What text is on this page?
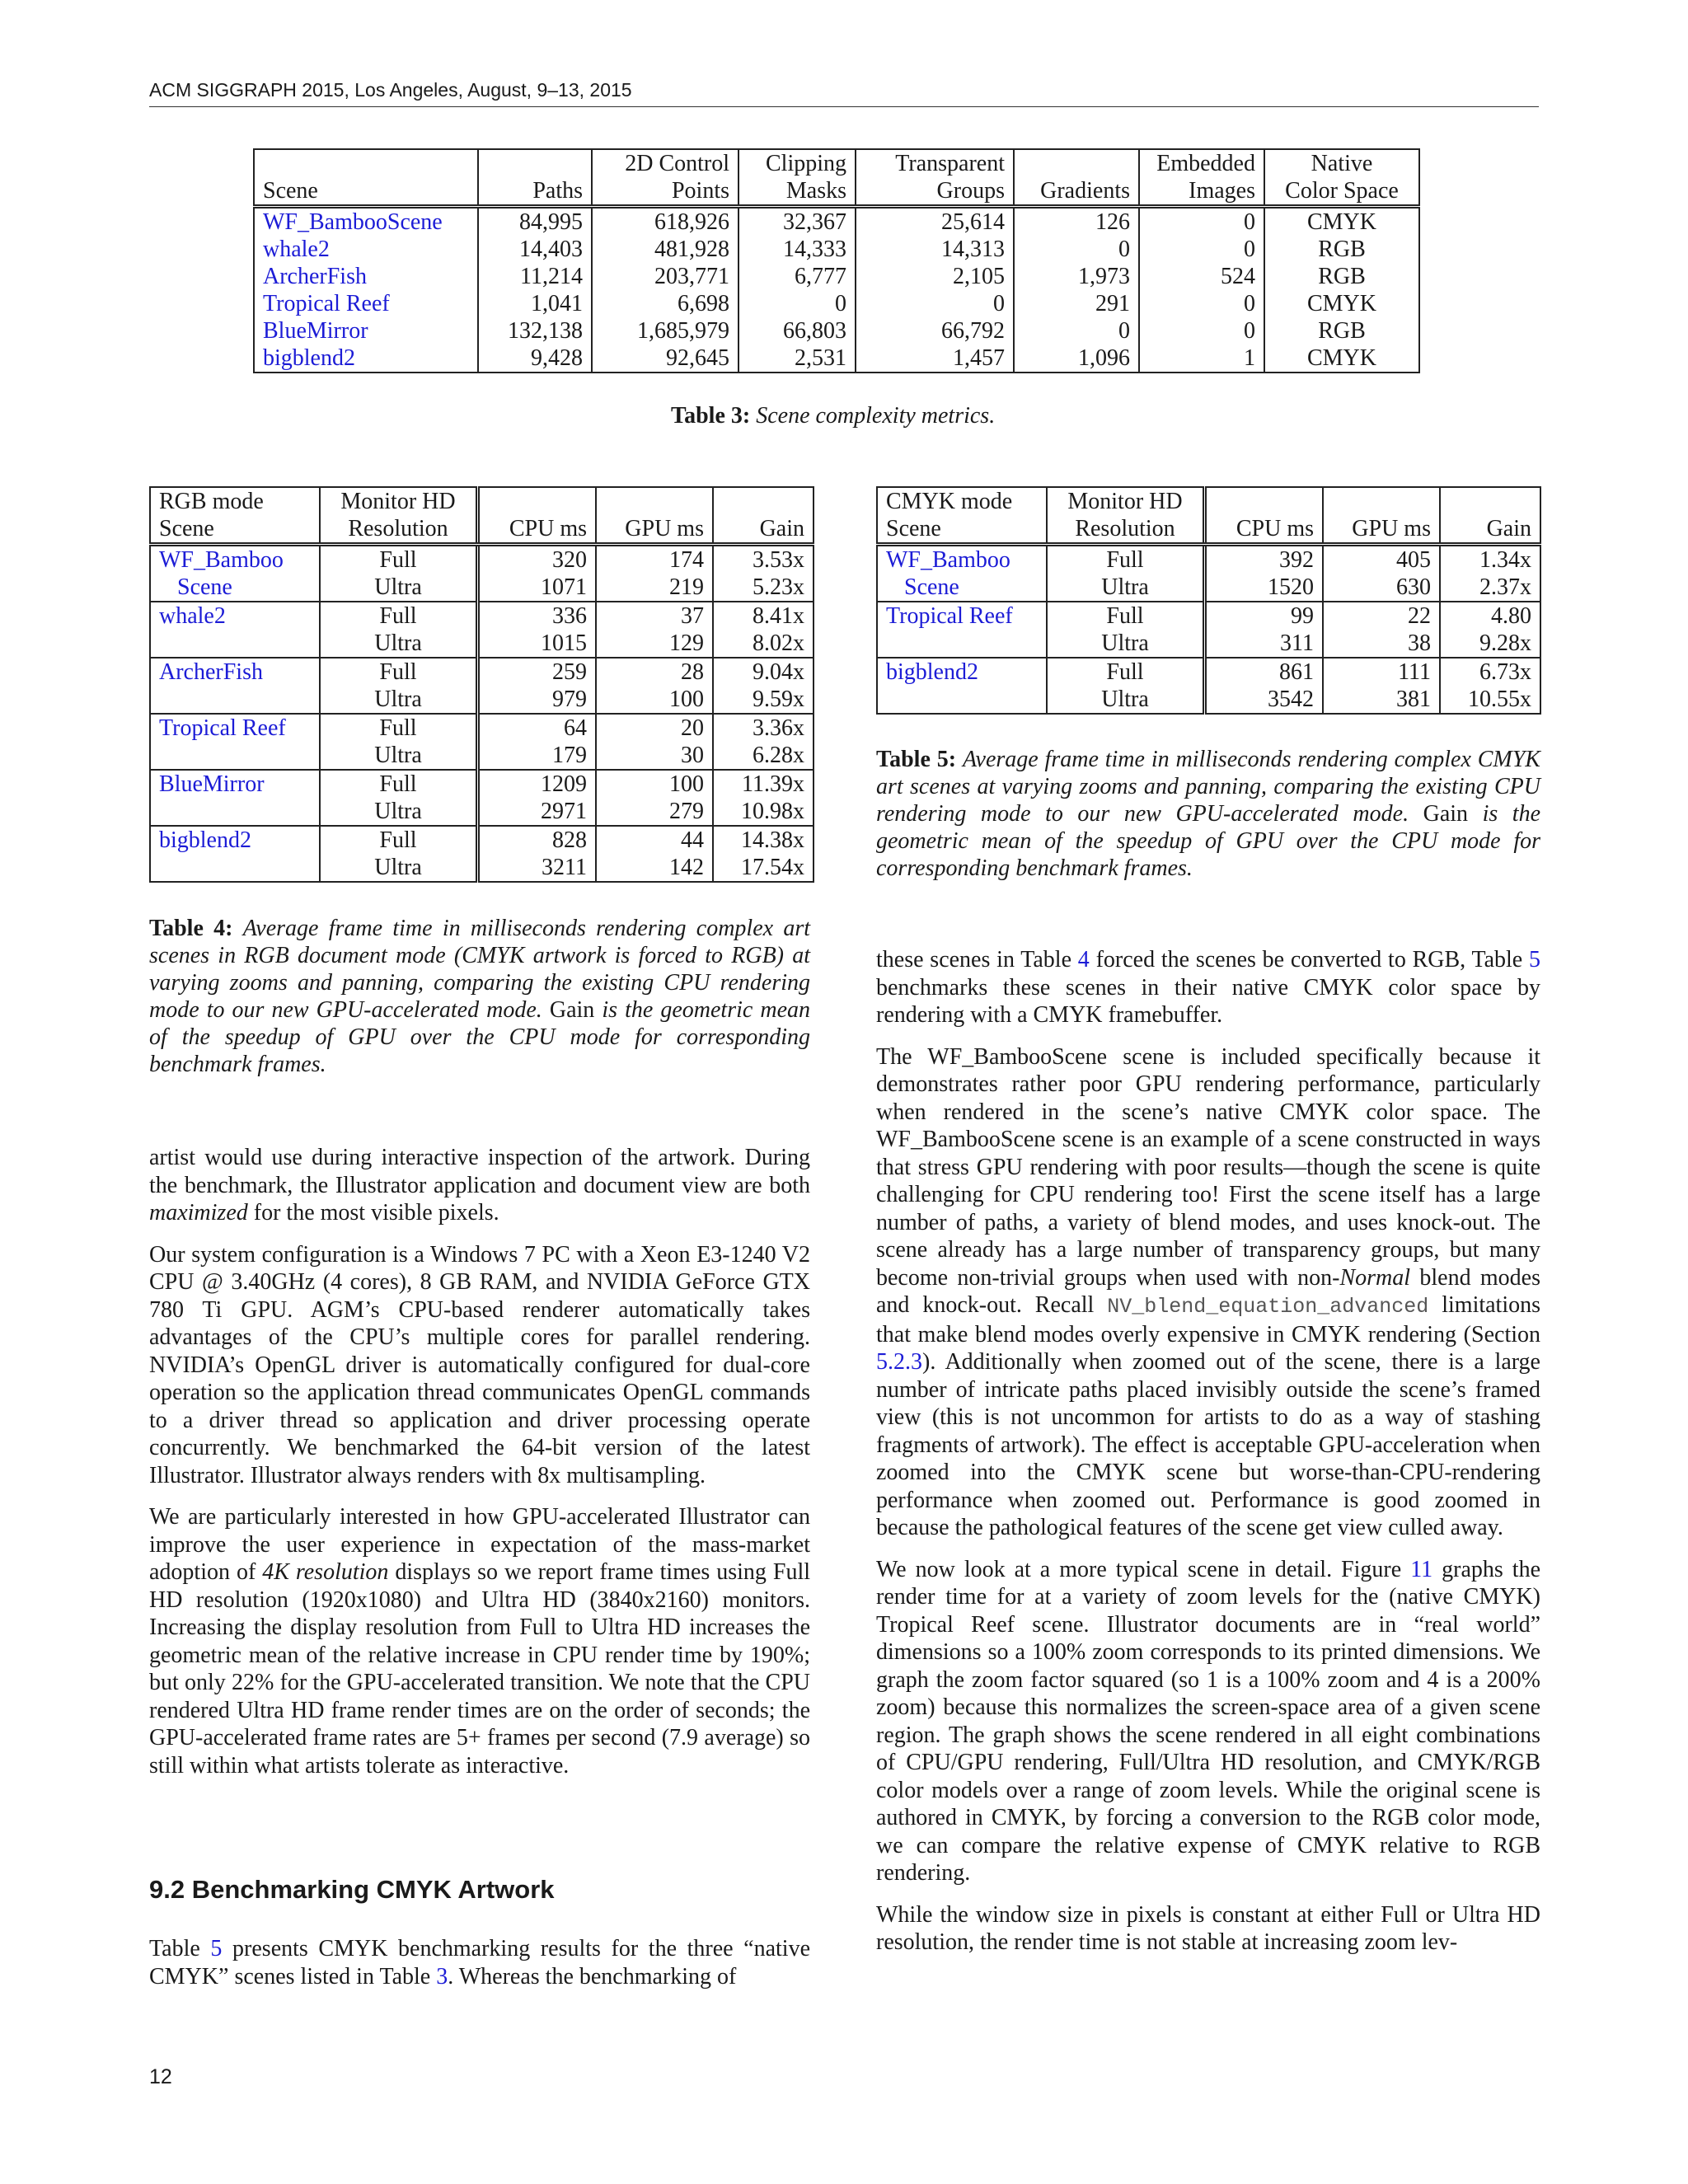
ACM SIGGRAPH 2015, Los Angeles, August, 9–13, 2015
		2D Control	Clipping	Transparent		Embedded	Native
Scene	Paths	Points	Masks	Groups	Gradients	Images	Color Space
WF_BambooScene	84,995	618,926	32,367	25,614	126	0	CMYK
whale2	14,403	481,928	14,333	14,313	0	0	RGB
ArcherFish	11,214	203,771	6,777	2,105	1,973	524	RGB
Tropical Reef	1,041	6,698	0	0	291	0	CMYK
BlueMirror	132,138	1,685,979	66,803	66,792	0	0	RGB
bigblend2	9,428	92,645	2,531	1,457	1,096	1	CMYK
Table 3: Scene complexity metrics.
RGB mode	Monitor HD			
Scene	Resolution	CPU ms	GPU ms	Gain
WF_Bamboo	Full	320	174	3.53x
Scene	Ultra	1071	219	5.23x
whale2	Full	336	37	8.41x
	Ultra	1015	129	8.02x
ArcherFish	Full	259	28	9.04x
	Ultra	979	100	9.59x
Tropical Reef	Full	64	20	3.36x
	Ultra	179	30	6.28x
BlueMirror	Full	1209	100	11.39x
	Ultra	2971	279	10.98x
bigblend2	Full	828	44	14.38x
	Ultra	3211	142	17.54x
Table 4: Average frame time in milliseconds rendering complex art scenes in RGB document mode (CMYK artwork is forced to RGB) at varying zooms and panning, comparing the existing CPU rendering mode to our new GPU-accelerated mode. Gain is the geometric mean of the speedup of GPU over the CPU mode for corresponding benchmark frames.
CMYK mode	Monitor HD			
Scene	Resolution	CPU ms	GPU ms	Gain
WF_Bamboo	Full	392	405	1.34x
Scene	Ultra	1520	630	2.37x
Tropical Reef	Full	99	22	4.80
	Ultra	311	38	9.28x
bigblend2	Full	861	111	6.73x
	Ultra	3542	381	10.55x
Table 5: Average frame time in milliseconds rendering complex CMYK art scenes at varying zooms and panning, comparing the existing CPU rendering mode to our new GPU-accelerated mode. Gain is the geometric mean of the speedup of GPU over the CPU mode for corresponding benchmark frames.

artist would use during interactive inspection of the artwork. During the benchmark, the Illustrator application and document view are both maximized for the most visible pixels.

Our system configuration is a Windows 7 PC with a Xeon E3-1240 V2 CPU @ 3.40GHz (4 cores), 8 GB RAM, and NVIDIA GeForce GTX 780 Ti GPU. AGM’s CPU-based renderer automatically takes advantages of the CPU’s multiple cores for parallel rendering. NVIDIA’s OpenGL driver is automatically configured for dual-core operation so the application thread communicates OpenGL commands to a driver thread so application and driver processing operate concurrently. We benchmarked the 64-bit version of the latest Illustrator. Illustrator always renders with 8x multisampling.

We are particularly interested in how GPU-accelerated Illustrator can improve the user experience in expectation of the mass-market adoption of 4K resolution displays so we report frame times using Full HD resolution (1920x1080) and Ultra HD (3840x2160) monitors. Increasing the display resolution from Full to Ultra HD increases the geometric mean of the relative increase in CPU render time by 190%; but only 22% for the GPU-accelerated transition. We note that the CPU rendered Ultra HD frame render times are on the order of seconds; the GPU-accelerated frame rates are 5+ frames per second (7.9 average) so still within what artists tolerate as interactive.

9.2 Benchmarking CMYK Artwork

Table 5 presents CMYK benchmarking results for the three “native CMYK” scenes listed in Table 3. Whereas the benchmarking of

these scenes in Table 4 forced the scenes be converted to RGB, Table 5 benchmarks these scenes in their native CMYK color space by rendering with a CMYK framebuffer.

The WF_BambooScene scene is included specifically because it demonstrates rather poor GPU rendering performance, particularly when rendered in the scene’s native CMYK color space. The WF_BambooScene scene is an example of a scene constructed in ways that stress GPU rendering with poor results—though the scene is quite challenging for CPU rendering too! First the scene itself has a large number of paths, a variety of blend modes, and uses knock-out. The scene already has a large number of transparency groups, but many become non-trivial groups when used with non-Normal blend modes and knock-out. Recall NV_blend_equation_advanced limitations that make blend modes overly expensive in CMYK rendering (Section 5.2.3). Additionally when zoomed out of the scene, there is a large number of intricate paths placed invisibly outside the scene’s framed view (this is not uncommon for artists to do as a way of stashing fragments of artwork). The effect is acceptable GPU-acceleration when zoomed into the CMYK scene but worse-than-CPU-rendering performance when zoomed out. Performance is good zoomed in because the pathological features of the scene get view culled away.

We now look at a more typical scene in detail. Figure 11 graphs the render time for at a variety of zoom levels for the (native CMYK) Tropical Reef scene. Illustrator documents are in “real world” dimensions so a 100% zoom corresponds to its printed dimensions. We graph the zoom factor squared (so 1 is a 100% zoom and 4 is a 200% zoom) because this normalizes the screen-space area of a given scene region. The graph shows the scene rendered in all eight combinations of CPU/GPU rendering, Full/Ultra HD resolution, and CMYK/RGB color models over a range of zoom levels. While the original scene is authored in CMYK, by forcing a conversion to the RGB color mode, we can compare the relative expense of CMYK relative to RGB rendering.

While the window size in pixels is constant at either Full or Ultra HD resolution, the render time is not stable at increasing zoom lev-

12
